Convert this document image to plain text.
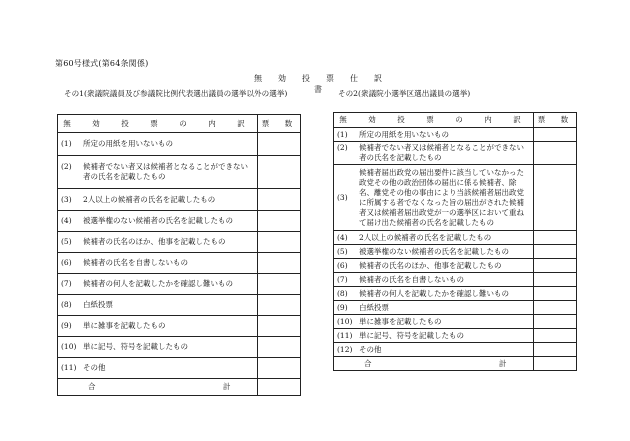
第60号様式(第64条関係)
無　効　投　票　仕　訳　書
その1(衆議院議員及び参議院比例代表選出議員の選挙以外の選挙)	その2(衆議院小選挙区選出議員の選挙)
無　効　投　票　の　内　訳	票　数

(1) 所定の用紙を用いないもの	

(2) 候補者でない者又は候補者となることができない者の氏名を記載したもの	

(3) 2人以上の候補者の氏名を記載したもの	

(4) 被選挙権のない候補者の氏名を記載したもの	

(5) 候補者の氏名のほか、他事を記載したもの	

(6) 候補者の氏名を自書しないもの	

(7) 候補者の何人を記載したかを確認し難いもの	

(8) 白紙投票	

(9) 単に雑事を記載したもの	

(10) 単に記号、符号を記載したもの	

(11) その他	

合　計	
無　効　投　票　の　内　訳	票　数

(1) 所定の用紙を用いないもの	

(2) 候補者でない者又は候補者となることができない者の氏名を記載したもの	

(3)
候補者届出政党の届出要件に該当していなかった政党その他の政治団体の届出に係る候補者、除名、離党その他の事由により当該候補者届出政党に所属する者でなくなった旨の届出がされた候補者又は候補者届出政党が一の選挙区において重ねて届け出た候補者の氏名を記載したもの	

(4) 2人以上の候補者の氏名を記載したもの	

(5) 被選挙権のない候補者の氏名を記載したもの	

(6) 候補者の氏名のほか、他事を記載したもの	

(7) 候補者の氏名を自書しないもの	

(8) 候補者の何人を記載したかを確認し難いもの	

(9) 白紙投票	

(10) 単に雑事を記載したもの	

(11) 単に記号、符号を記載したもの	

(12) その他	

合　計	
